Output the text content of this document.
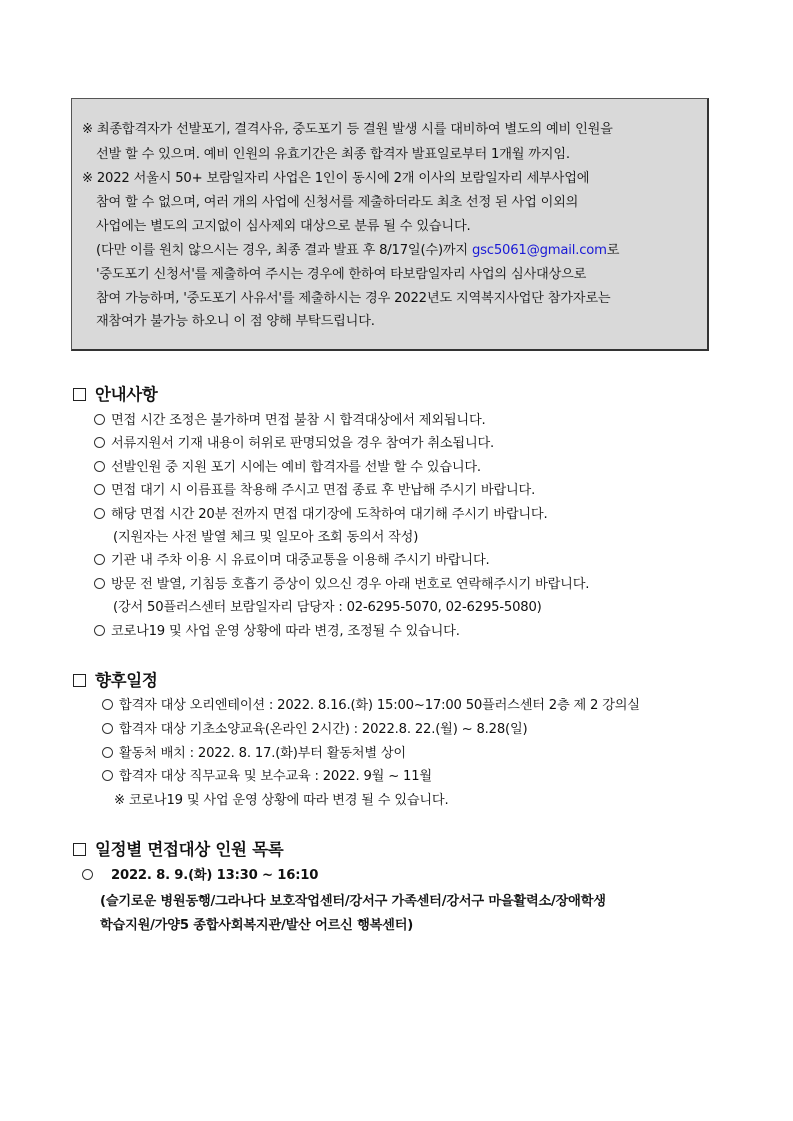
※ 최종합격자가 선발포기, 결격사유, 중도포기 등 결원 발생 시를 대비하여 별도의 예비 인원을
선발 할 수 있으며. 예비 인원의 유효기간은 최종 합격자 발표일로부터 1개월 까지임.
※ 2022 서울시 50+ 보람일자리 사업은 1인이 동시에 2개 이사의 보람일자리 세부사업에
참여 할 수 없으며, 여러 개의 사업에 신청서를 제출하더라도 최초 선정 된 사업 이외의
사업에는 별도의 고지없이 심사제외 대상으로 분류 될 수 있습니다.
(다만 이를 원치 않으시는 경우, 최종 결과 발표 후 8/17일(수)까지 gsc5061@gmail.com로
'중도포기 신청서'를 제출하여 주시는 경우에 한하여 타보람일자리 사업의 심사대상으로
참여 가능하며, '중도포기 사유서'를 제출하시는 경우 2022년도 지역복지사업단 참가자로는
재참여가 불가능 하오니 이 점 양해 부탁드립니다.
안내사항
면접 시간 조정은 불가하며 면접 불참 시 합격대상에서 제외됩니다.
서류지원서 기재 내용이 허위로 판명되었을 경우 참여가 취소됩니다.
선발인원 중 지원 포기 시에는 예비 합격자를 선발 할 수 있습니다.
면접 대기 시 이름표를 착용해 주시고 면접 종료 후 반납해 주시기 바랍니다.
해당 면접 시간 20분 전까지 면접 대기장에 도착하여 대기해 주시기 바랍니다.
(지원자는 사전 발열 체크 및 일모아 조회 동의서 작성)
기관 내 주차 이용 시 유료이며 대중교통을 이용해 주시기 바랍니다.
방문 전 발열, 기침등 호흡기 증상이 있으신 경우 아래 번호로 연락해주시기 바랍니다.
(강서 50플러스센터 보람일자리 담당자 : 02-6295-5070, 02-6295-5080)
코로나19 및 사업 운영 상황에 따라 변경, 조정될 수 있습니다.
향후일정
합격자 대상 오리엔테이션 : 2022. 8.16.(화) 15:00~17:00 50플러스센터 2층 제 2 강의실
합격자 대상 기초소양교육(온라인 2시간) : 2022.8. 22.(월) ~ 8.28(일)
활동처 배치 : 2022. 8. 17.(화)부터 활동처별 상이
합격자 대상 직무교육 및 보수교육 : 2022. 9월 ~ 11월
※ 코로나19 및 사업 운영 상황에 따라 변경 될 수 있습니다.
일정별 면접대상 인원 목록
2022. 8. 9.(화) 13:30 ~ 16:10
(슬기로운 병원동행/그라나다 보호작업센터/강서구 가족센터/강서구 마을활력소/장애학생
학습지원/가양5 종합사회복지관/발산 어르신 행복센터)
